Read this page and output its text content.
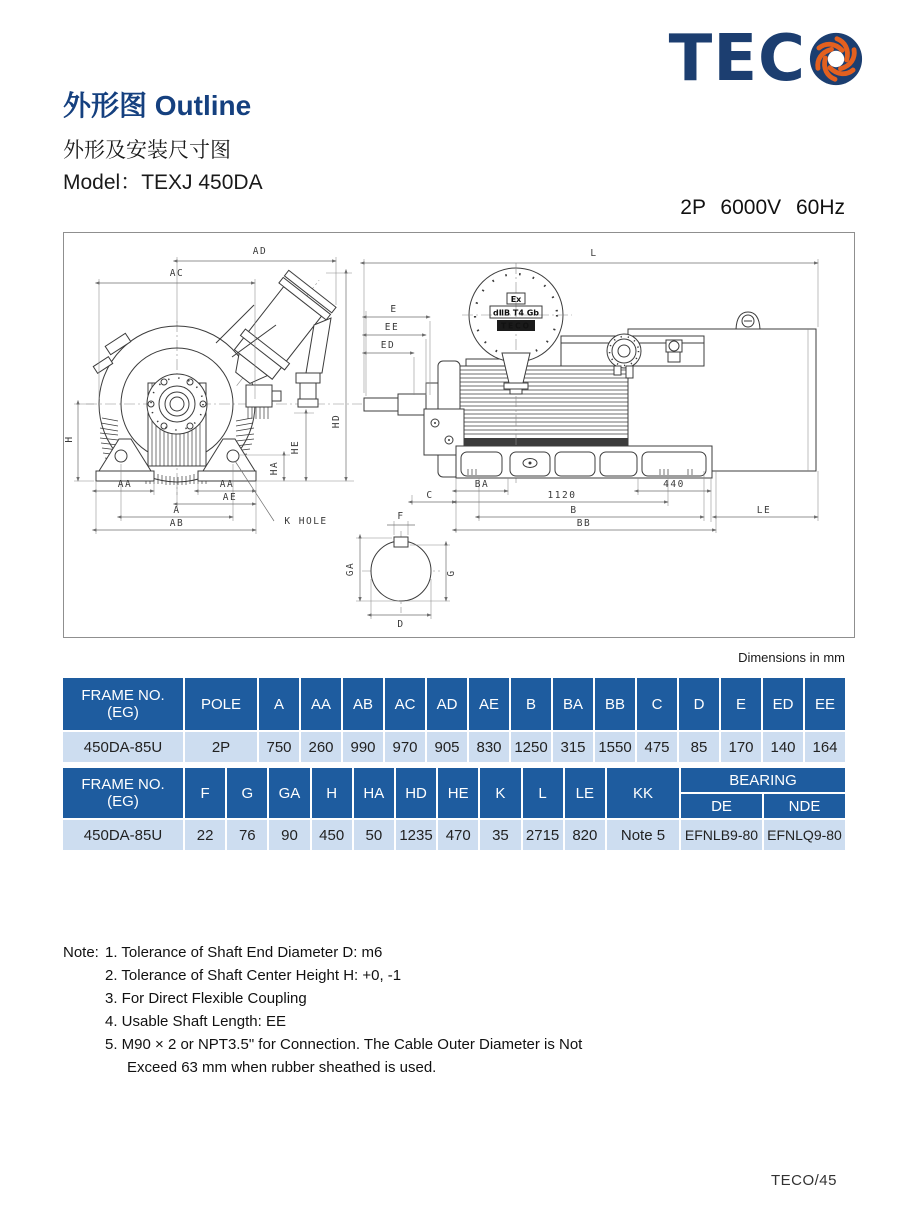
TEC
外形图 Outline
外形及安装尺寸图
Model：TEXJ 450DA
2P 6000V 60Hz
AD
AC
H
HD
HE
HA
AA	AA
AE
A
AB	K HOLE
Ex
dⅡB T4 Gb
TECO
L
E
EE
ED
C
BA	440
1120
B	LE
BB
F
GA	G
D
Dimensions in mm
FRAME NO.
(EG)	POLE	A	AA	AB	AC	AD	AE	B	BA	BB	C	D	E	ED	EE
450DA-85U	2P	750	260	990	970	905	830	1250	315	1550	475	85	170	140	164
FRAME NO.
(EG)	F	G	GA	H	HA	HD	HE	K	L	LE	KK	BEARING	
												DE	NDE
450DA-85U	22	76	90	450	50	1235	470	35	2715	820	Note 5	EFNLB9-80	EFNLQ9-80
Note: 1. Tolerance of Shaft End Diameter D: m6
2. Tolerance of Shaft Center Height H: +0, -1
3. For Direct Flexible Coupling
4. Usable Shaft Length: EE
5. M90 × 2 or NPT3.5" for Connection. The Cable Outer Diameter is Not
Exceed 63 mm when rubber sheathed is used.
TECO/45
